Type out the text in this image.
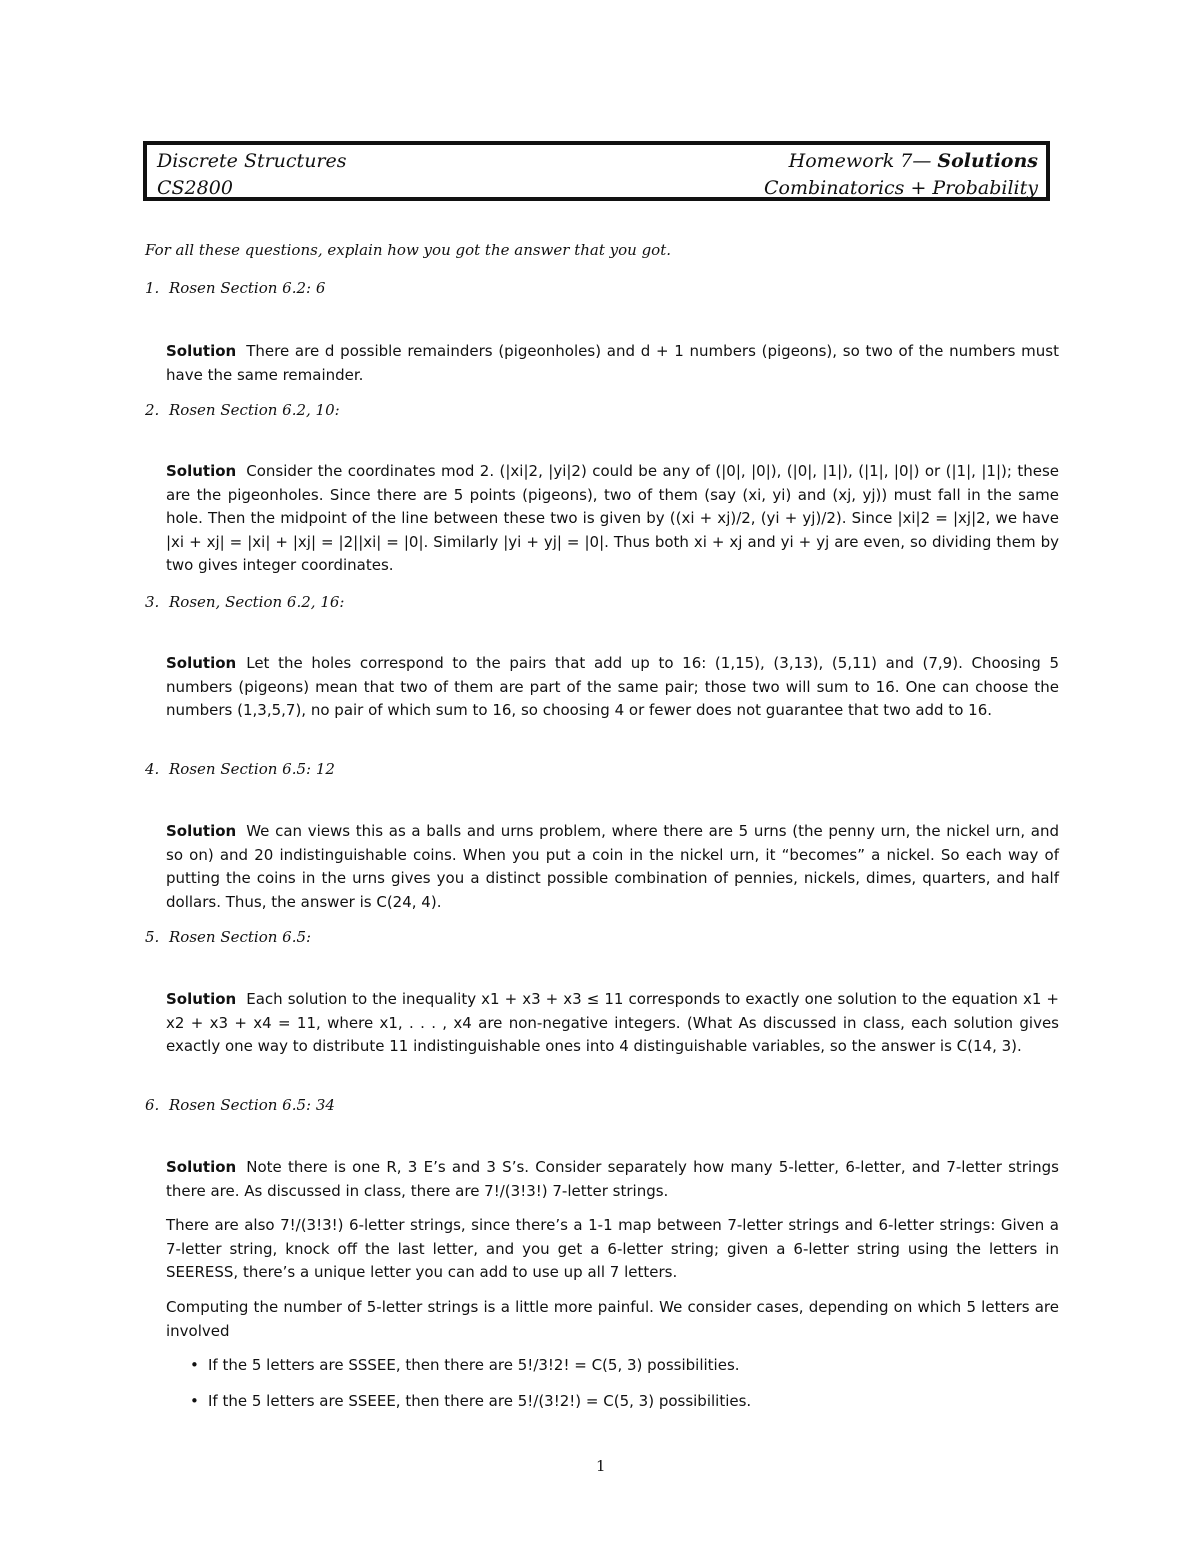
Discrete Structures	Homework 7— Solutions
CS2800	Combinatorics + Probability
For all these questions, explain how you got the answer that you got.
1. Rosen Section 6.2: 6
Solution There are d possible remainders (pigeonholes) and d + 1 numbers (pigeons), so two of the numbers must have the same remainder.
2. Rosen Section 6.2, 10:
Solution Consider the coordinates mod 2. (|xi|2, |yi|2) could be any of (|0|, |0|), (|0|, |1|), (|1|, |0|) or (|1|, |1|); these are the pigeonholes. Since there are 5 points (pigeons), two of them (say (xi, yi) and (xj, yj)) must fall in the same hole. Then the midpoint of the line between these two is given by ((xi + xj)/2, (yi + yj)/2). Since |xi|2 = |xj|2, we have |xi + xj| = |xi| + |xj| = |2||xi| = |0|. Similarly |yi + yj| = |0|. Thus both xi + xj and yi + yj are even, so dividing them by two gives integer coordinates.
3. Rosen, Section 6.2, 16:
Solution Let the holes correspond to the pairs that add up to 16: (1,15), (3,13), (5,11) and (7,9). Choosing 5 numbers (pigeons) mean that two of them are part of the same pair; those two will sum to 16. One can choose the numbers (1,3,5,7), no pair of which sum to 16, so choosing 4 or fewer does not guarantee that two add to 16.
4. Rosen Section 6.5: 12
Solution We can views this as a balls and urns problem, where there are 5 urns (the penny urn, the nickel urn, and so on) and 20 indistinguishable coins. When you put a coin in the nickel urn, it “becomes” a nickel. So each way of putting the coins in the urns gives you a distinct possible combination of pennies, nickels, dimes, quarters, and half dollars. Thus, the answer is C(24, 4).
5. Rosen Section 6.5:
Solution Each solution to the inequality x1 + x3 + x3 ≤ 11 corresponds to exactly one solution to the equation x1 + x2 + x3 + x4 = 11, where x1, . . . , x4 are non-negative integers. (What As discussed in class, each solution gives exactly one way to distribute 11 indistinguishable ones into 4 distinguishable variables, so the answer is C(14, 3).
6. Rosen Section 6.5: 34
Solution Note there is one R, 3 E’s and 3 S’s. Consider separately how many 5-letter, 6-letter, and 7-letter strings there are. As discussed in class, there are 7!/(3!3!) 7-letter strings.
There are also 7!/(3!3!) 6-letter strings, since there’s a 1-1 map between 7-letter strings and 6-letter strings: Given a 7-letter string, knock off the last letter, and you get a 6-letter string; given a 6-letter string using the letters in SEERESS, there’s a unique letter you can add to use up all 7 letters.
Computing the number of 5-letter strings is a little more painful. We consider cases, depending on which 5 letters are involved
• If the 5 letters are SSSEE, then there are 5!/3!2! = C(5, 3) possibilities.
• If the 5 letters are SSEEE, then there are 5!/(3!2!) = C(5, 3) possibilities.
1
